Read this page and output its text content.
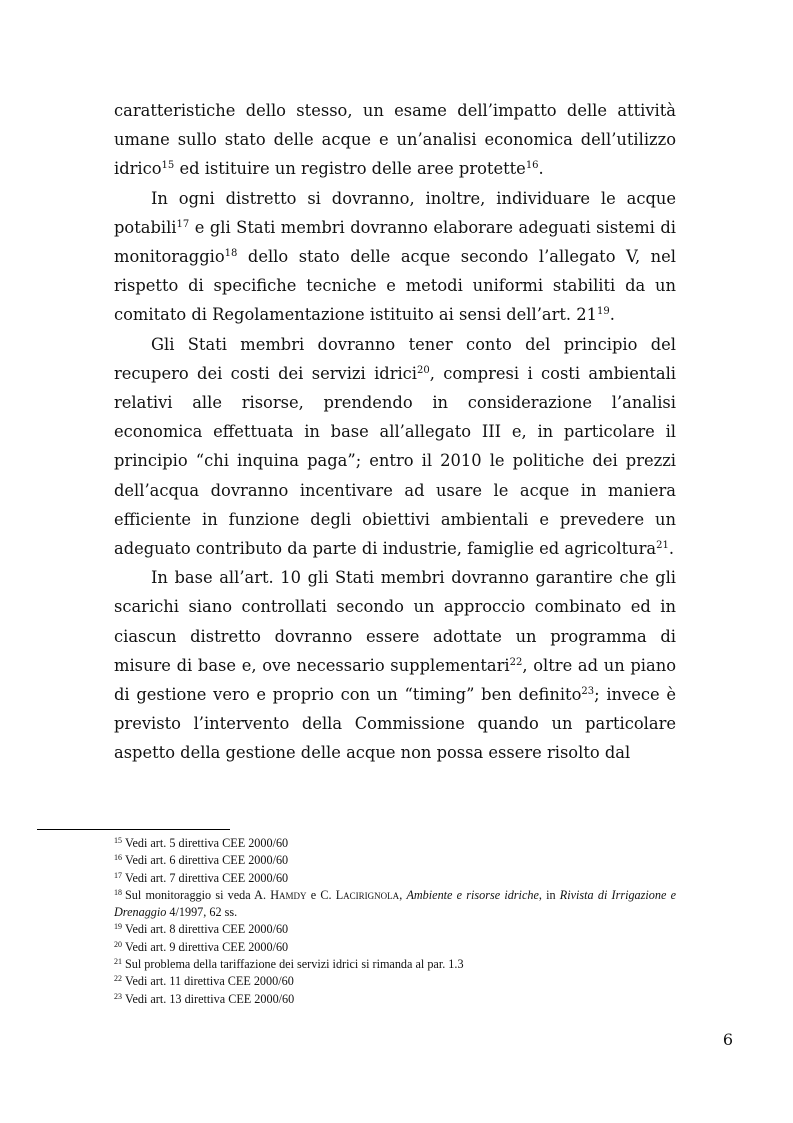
caratteristiche dello stesso, un esame dell’impatto delle attività umane sullo stato delle acque e un’analisi economica dell’utilizzo idrico$^{15}$ ed istituire un registro delle aree protette$^{16}$.

In ogni distretto si dovranno, inoltre, individuare le acque potabili$^{17}$ e gli Stati membri dovranno elaborare adeguati sistemi di monitoraggio$^{18}$ dello stato delle acque secondo l’allegato V, nel rispetto di specifiche tecniche e metodi uniformi stabiliti da un comitato di Regolamentazione istituito ai sensi dell’art. $21^{19}$.

Gli Stati membri dovranno tener conto del principio del recupero dei costi dei servizi idrici$^{20}$, compresi i costi ambientali relativi alle risorse, prendendo in considerazione l’analisi economica effettuata in base all’allegato III e, in particolare il principio “chi inquina paga”; entro il 2010 le politiche dei prezzi dell’acqua dovranno incentivare ad usare le acque in maniera efficiente in funzione degli obiettivi ambientali e prevedere un adeguato contributo da parte di industrie, famiglie ed agricoltura$^{21}$.

In base all’art. 10 gli Stati membri dovranno garantire che gli scarichi siano controllati secondo un approccio combinato ed in ciascun distretto dovranno essere adottate un programma di misure di base e, ove necessario supplementari$^{22}$, oltre ad un piano di gestione vero e proprio con un “timing” ben definito$^{23}$; invece è previsto l’intervento della Commissione quando un particolare aspetto della gestione delle acque non possa essere risolto dal

$^{15}$ Vedi art. 5 direttiva CEE 2000/60

$^{16}$ Vedi art. 6 direttiva CEE 2000/60

$^{17}$ Vedi art. 7 direttiva CEE 2000/60

$^{18}$ Sul monitoraggio si veda A. Hamdy e C. Lacirignola, Ambiente e risorse idriche, in Rivista di Irrigazione e Drenaggio 4/1997, 62 ss.

$^{19}$ Vedi art. 8 direttiva CEE 2000/60

$^{20}$ Vedi art. 9 direttiva CEE 2000/60

$^{21}$ Sul problema della tariffazione dei servizi idrici si rimanda al par. 1.3

$^{22}$ Vedi art. 11 direttiva CEE 2000/60

$^{23}$ Vedi art. 13 direttiva CEE 2000/60

6
